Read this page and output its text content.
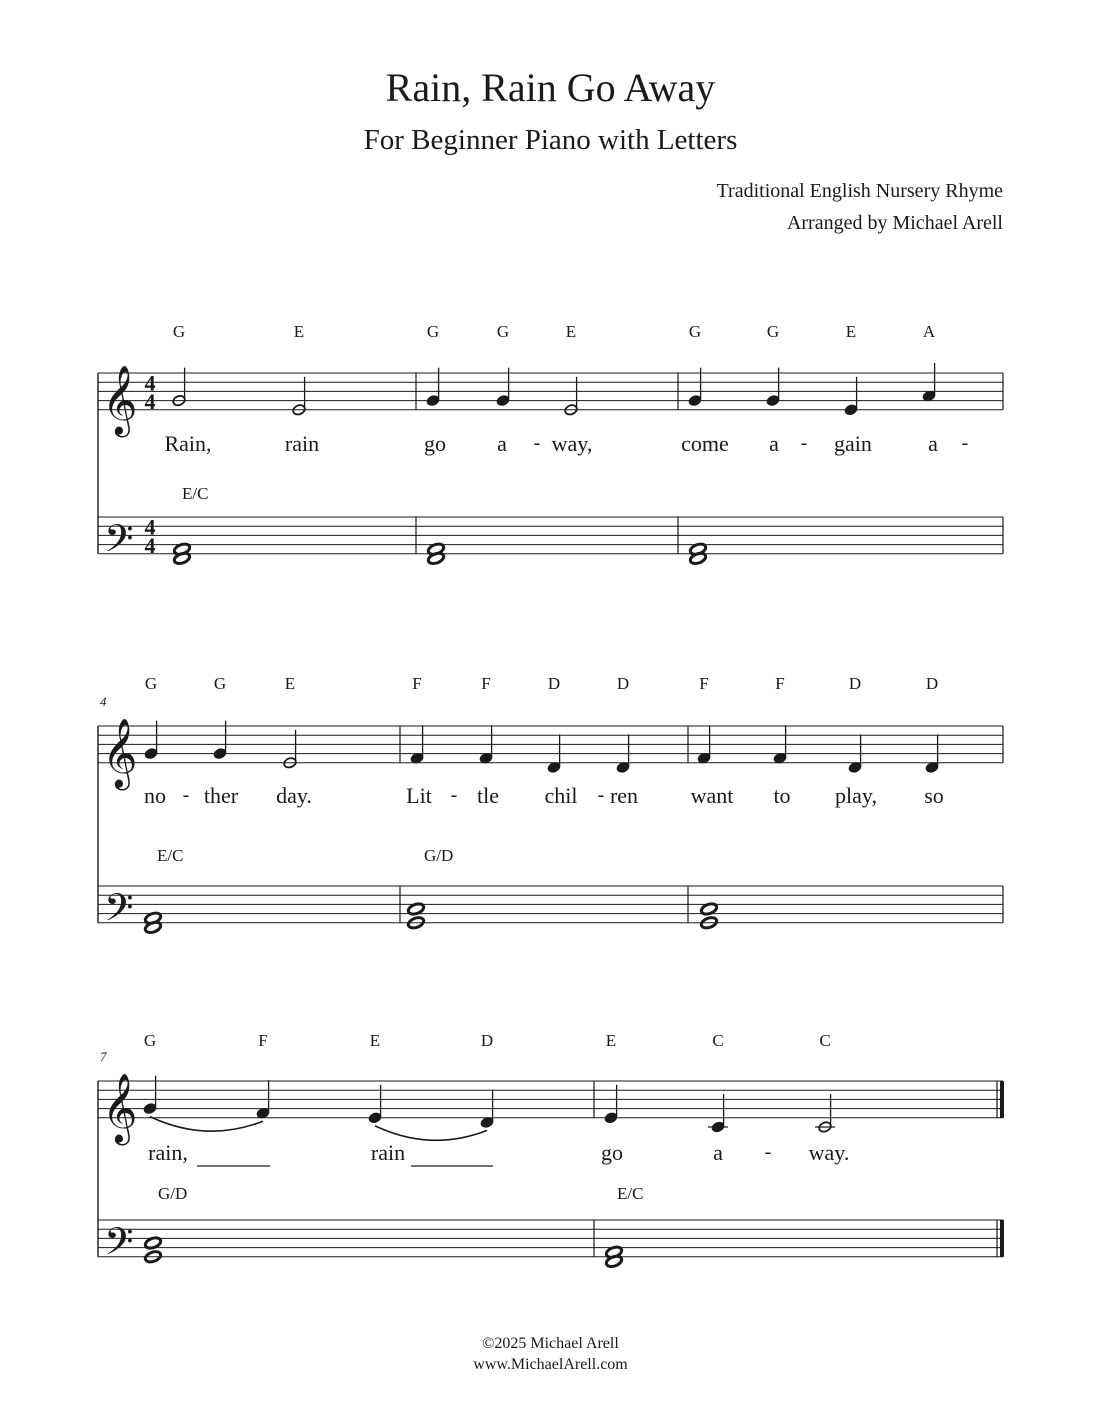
Rain, Rain Go Away
For Beginner Piano with Letters
Traditional English Nursery Rhyme
Arranged by Michael Arell
𝄞
𝄢
4
4
4
4
G
Rain,
E
rain
E/C
G
go
G
a
E
way,
-
G
come
G
a
E
gain
A
a
-	-
𝄞
𝄢
4
G
no
G
ther
E
day.
-
E/C
F
Lit
F
tle
D
chil
D
ren
-	-
G/D
F
want
F
to
D
play,
D
so
𝄞
𝄢
7
G
rain,
F	E
rain
D
G/D
E
go
C
a
C
way.
-
E/C
©2025 Michael Arell
www.MichaelArell.com
